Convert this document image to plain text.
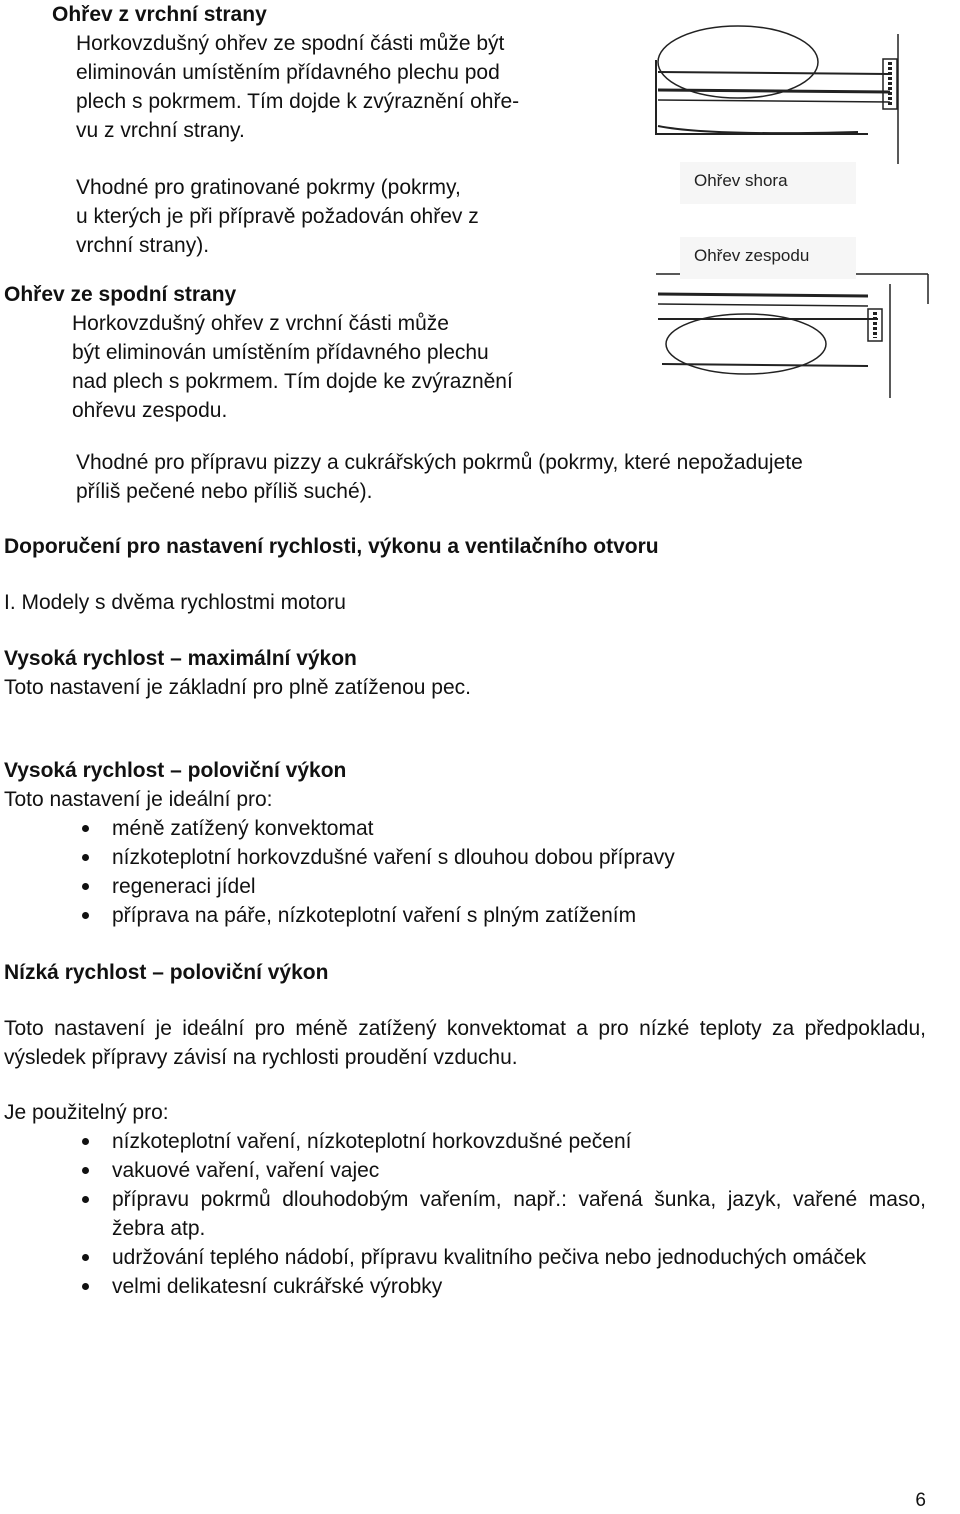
Ohřev z vrchní strany

Horkovzdušný ohřev ze spodní části může být

eliminován umístěním přídavného plechu pod

plech s pokrmem. Tím dojde k zvýraznění ohře-

vu z vrchní strany.

Vhodné pro gratinované pokrmy (pokrmy,

u kterých je při přípravě požadován ohřev z

vrchní strany).

Ohřev ze spodní strany

Horkovzdušný ohřev z vrchní části může

být eliminován umístěním přídavného plechu

nad plech s pokrmem. Tím dojde ke zvýraznění

ohřevu zespodu.

Ohřev shora
Ohřev zespodu

Vhodné pro přípravu pizzy a cukrářských pokrmů (pokrmy, které nepožadujete

příliš pečené nebo příliš suché).

Doporučení pro nastavení rychlosti, výkonu a ventilačního otvoru

I. Modely s dvěma rychlostmi motoru

Vysoká rychlost – maximální výkon

Toto nastavení je základní pro plně zatíženou pec.

Vysoká rychlost – poloviční výkon

Toto nastavení je ideální pro:

méně zatížený konvektomat
nízkoteplotní horkovzdušné vaření s dlouhou dobou přípravy
regeneraci jídel
příprava na páře, nízkoteplotní vaření s plným zatížením

Nízká rychlost – poloviční výkon

Toto nastavení je ideální pro méně zatížený konvektomat a pro nízké teploty za předpokladu, výsledek přípravy závisí na rychlosti proudění vzduchu.

Je použitelný pro:

nízkoteplotní vaření, nízkoteplotní horkovzdušné pečení
vakuové vaření, vaření vajec
přípravu pokrmů dlouhodobým vařením, např.: vařená šunka, jazyk, vařené maso, žebra atp.
udržování teplého nádobí, přípravu kvalitního pečiva nebo jednoduchých omáček
velmi delikatesní cukrářské výrobky
6
